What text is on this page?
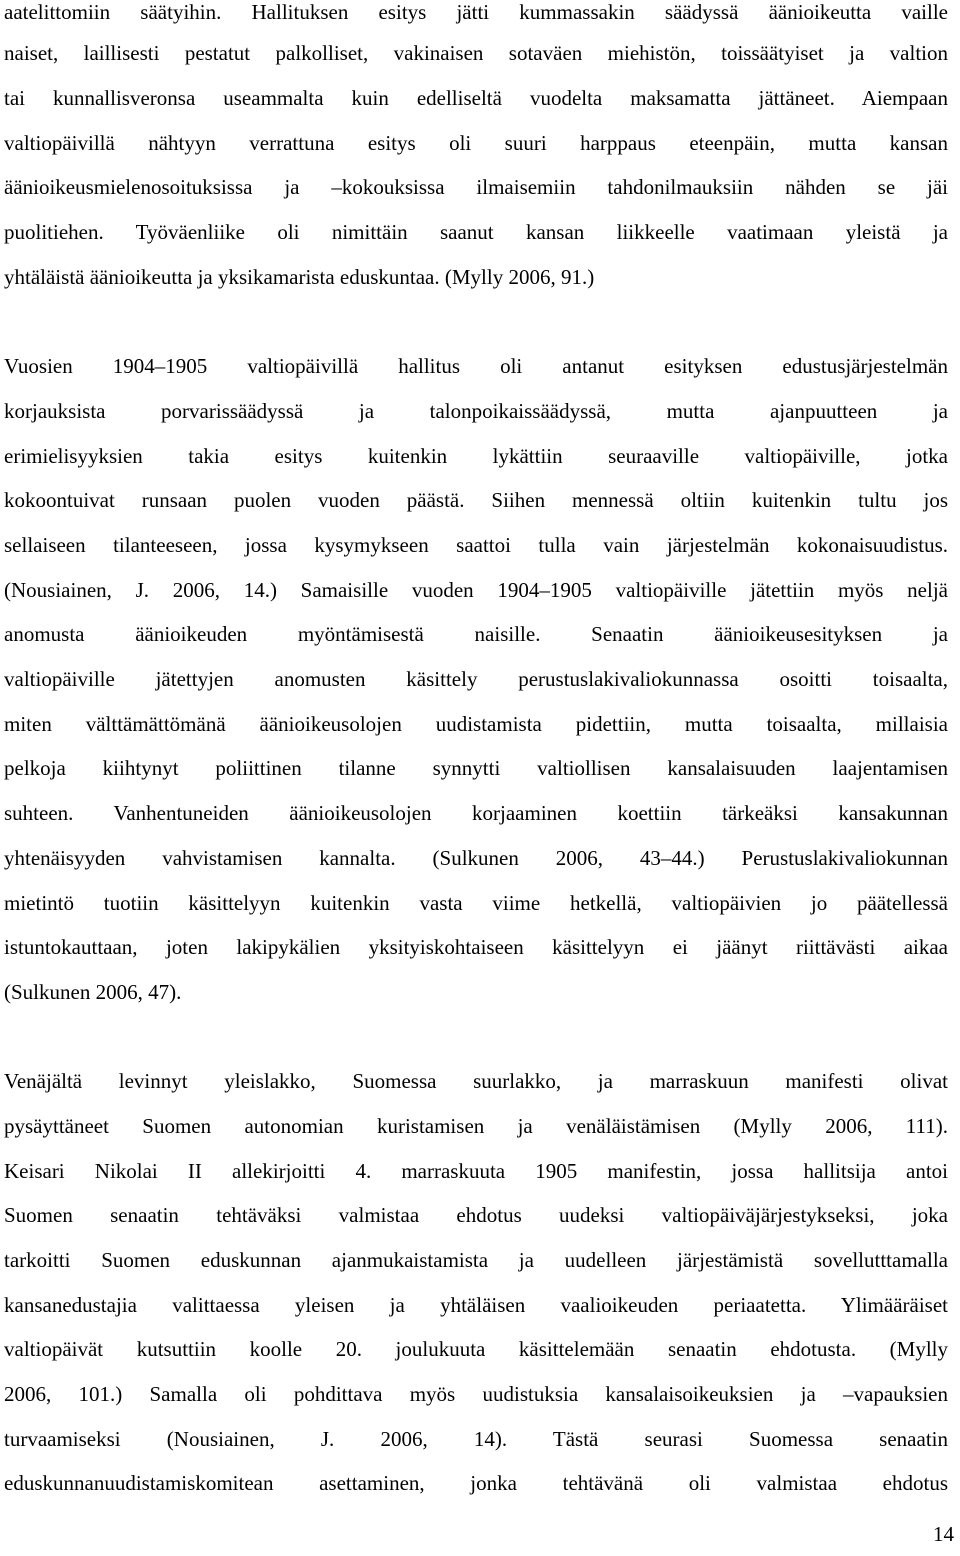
aatelittomiin säätyihin. Hallituksen esitys jätti kummassakin säädyssä äänioikeutta vaille
naiset, laillisesti pestatut palkolliset, vakinaisen sotaväen miehistön, toissäätyiset ja valtion
tai kunnallisveronsa useammalta kuin edelliseltä vuodelta maksamatta jättäneet. Aiempaan
valtiopäivillä nähtyyn verrattuna esitys oli suuri harppaus eteenpäin, mutta kansan
äänioikeusmielenosoituksissa ja –kokouksissa ilmaisemiin tahdonilmauksiin nähden se jäi
puolitiehen. Työväenliike oli nimittäin saanut kansan liikkeelle vaatimaan yleistä ja
yhtäläistä äänioikeutta ja yksikamarista eduskuntaa. (Mylly 2006, 91.)
Vuosien 1904–1905 valtiopäivillä hallitus oli antanut esityksen edustusjärjestelmän
korjauksista porvarissäädyssä ja talonpoikaissäädyssä, mutta ajanpuutteen ja
erimielisyyksien takia esitys kuitenkin lykättiin seuraaville valtiopäiville, jotka
kokoontuivat runsaan puolen vuoden päästä. Siihen mennessä oltiin kuitenkin tultu jos
sellaiseen tilanteeseen, jossa kysymykseen saattoi tulla vain järjestelmän kokonaisuudistus.
(Nousiainen, J. 2006, 14.) Samaisille vuoden 1904–1905 valtiopäiville jätettiin myös neljä
anomusta äänioikeuden myöntämisestä naisille. Senaatin äänioikeusesityksen ja
valtiopäiville jätettyjen anomusten käsittely perustuslakivaliokunnassa osoitti toisaalta,
miten välttämättömänä äänioikeusolojen uudistamista pidettiin, mutta toisaalta, millaisia
pelkoja kiihtynyt poliittinen tilanne synnytti valtiollisen kansalaisuuden laajentamisen
suhteen. Vanhentuneiden äänioikeusolojen korjaaminen koettiin tärkeäksi kansakunnan
yhtenäisyyden vahvistamisen kannalta. (Sulkunen 2006, 43–44.) Perustuslakivaliokunnan
mietintö tuotiin käsittelyyn kuitenkin vasta viime hetkellä, valtiopäivien jo päätellessä
istuntokauttaan, joten lakipykälien yksityiskohtaiseen käsittelyyn ei jäänyt riittävästi aikaa
(Sulkunen 2006, 47).
Venäjältä levinnyt yleislakko, Suomessa suurlakko, ja marraskuun manifesti olivat
pysäyttäneet Suomen autonomian kuristamisen ja venäläistämisen (Mylly 2006, 111).
Keisari Nikolai II allekirjoitti 4. marraskuuta 1905 manifestin, jossa hallitsija antoi
Suomen senaatin tehtäväksi valmistaa ehdotus uudeksi valtiopäiväjärjestykseksi, joka
tarkoitti Suomen eduskunnan ajanmukaistamista ja uudelleen järjestämistä sovellutttamalla
kansanedustajia valittaessa yleisen ja yhtäläisen vaalioikeuden periaatetta. Ylimääräiset
valtiopäivät kutsuttiin koolle 20. joulukuuta käsittelemään senaatin ehdotusta. (Mylly
2006, 101.) Samalla oli pohdittava myös uudistuksia kansalaisoikeuksien ja –vapauksien
turvaamiseksi (Nousiainen, J. 2006, 14). Tästä seurasi Suomessa senaatin
eduskunnanuudistamiskomitean asettaminen, jonka tehtävänä oli valmistaa ehdotus
14
